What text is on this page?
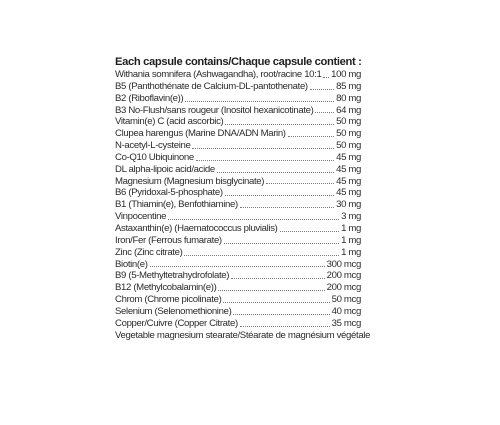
Each capsule contains/Chaque capsule contient :
Withania somnifera (Ashwagandha), root/racine 10:1 100 mg
B5 (Panthothénate de Calcium-DL-pantothenate)	85 mg
B2 (Riboflavin(e))	80 mg
B3 No-Flush/sans rougeur (Inositol hexanicotinate) 64 mg
Vitamin(e) C (acid ascorbic)	50 mg
Clupea harengus (Marine DNA/ADN Marin)	50 mg
N-acetyl-L-cysteine	50 mg
Co-Q10 Ubiquinone	45 mg
DL alpha-lipoic acid/acide	45 mg
Magnesium (Magnesium bisglycinate)	45 mg
B6 (Pyridoxal-5-phosphate)	45 mg
B1 (Thiamin(e), Benfothiamine)	30 mg
Vinpocentine	3 mg
Astaxanthin(e) (Haematococcus pluvialis)	1 mg
Iron/Fer (Ferrous fumarate)	1 mg
Zinc (Zinc citrate)	1 mg
Biotin(e)	300 mcg
B9 (5-Methyltetrahydrofolate)	200 mcg
B12 (Methylcobalamin(e))	200 mcg
Chrom (Chrome picolinate)	50 mcg
Selenium (Selenomethionine)	40 mcg
Copper/Cuivre (Copper Citrate)	35 mcg
Vegetable magnesium stearate/Stéarate de magnésium végétale
